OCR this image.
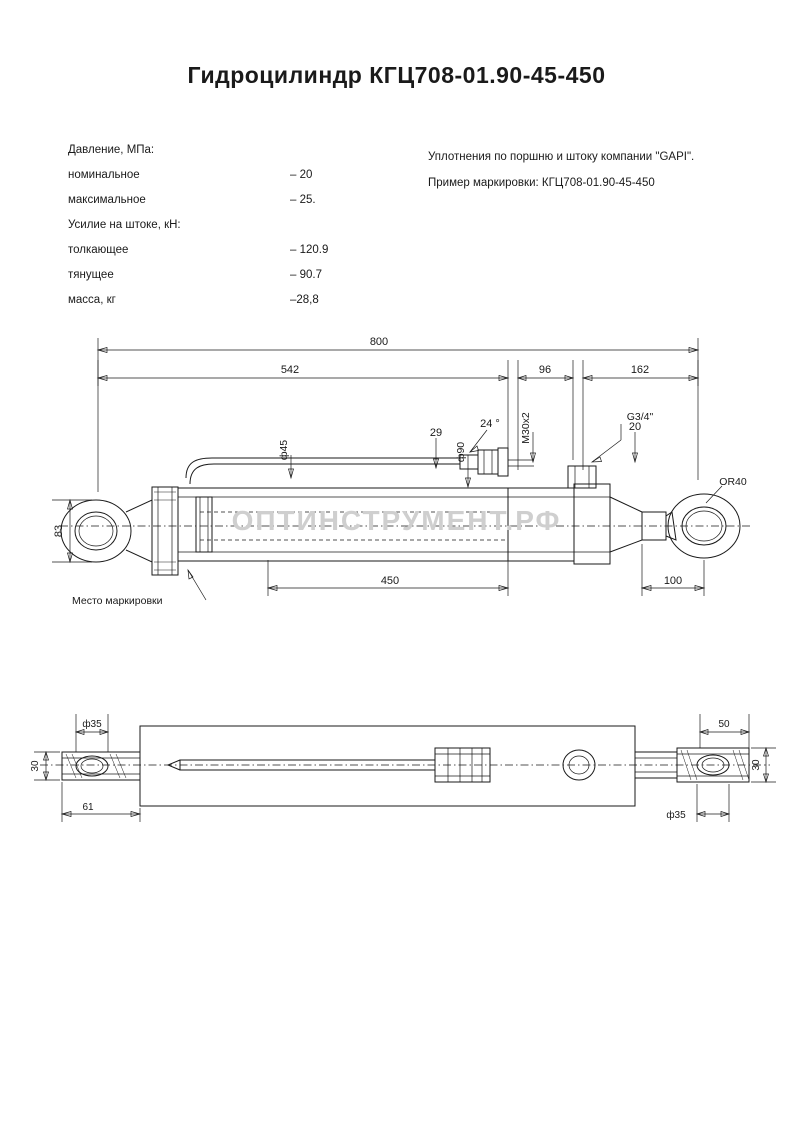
Гидроцилиндр КГЦ708-01.90-45-450
Давление, МПа:
номинальное	– 20
максимальное	– 25.
Усилие на штоке, кН:
толкающее	– 120.9
тянущее	– 90.7
масса, кг	–28,8
Уплотнения по поршню и штоку компании "GAPI".
Пример маркировки: КГЦ708-01.90-45-450
800
542	96	162
ф45	ф90
29
24 ° M30x2	G3/4"
20
OR40
83
Место маркировки
450	100
ф35
30
61
50
30
ф35
ОПТИНСТРУМЕНТ.РФ
